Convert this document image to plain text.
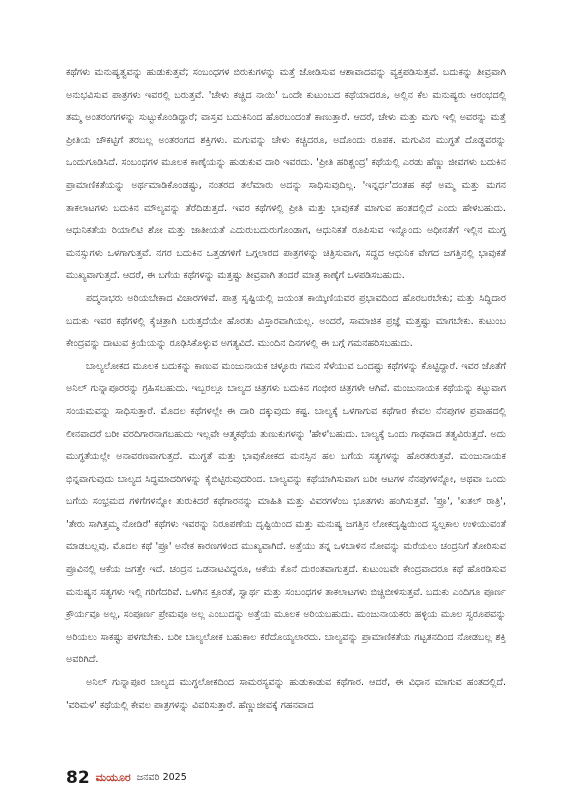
ಕಥೆಗಳು ಮನುಷ್ಯತ್ವವನ್ನು ಹುಡುಕುತ್ತವೆ; ಸಂಬಂಧಗಳ ಬಿರುಕುಗಳನ್ನು ಮತ್ತೆ ಜೋಡಿಸುವ ಆಶಾವಾದವನ್ನು ವ್ಯಕ್ತಪಡಿಸುತ್ತವೆ. ಬದುಕನ್ನು ತೀವ್ರವಾಗಿ ಅನುಭವಿಸುವ ಪಾತ್ರಗಳು ಇವರಲ್ಲಿ ಬರುತ್ತವೆ. 'ಚೇಳು ಕಚ್ಚಿದ ನಾಯಿ' ಒಂದೇ ಕುಟುಂಬದ ಕಥೆಯಾದರೂ, ಅಲ್ಲಿನ ಕೆಲ ಮನುಷ್ಯರು ಆರಂಭದಲ್ಲಿ ತಮ್ಮ ಅಂತರಂಗಗಳನ್ನು ಸುಟ್ಟುಕೊಂಡಿದ್ದಾರೆ; ವಾಸ್ತವ ಬದುಕಿನಿಂದ ಹೊರಬಂದಂತೆ ಕಾಣುತ್ತಾರೆ. ಆದರೆ, ಚೇಳು ಮತ್ತು ಮಗು ಇಲ್ಲಿ ಅವರನ್ನು ಮತ್ತೆ ಪ್ರೀತಿಯ ಚೌಕಟ್ಟಿಗೆ ತರಬಲ್ಲ ಅಂತರಂಗದ ಶಕ್ತಿಗಳು. ಮಗುವನ್ನು ಚೇಳು ಕಚ್ಚಿದರೂ, ಅದೊಂದು ರೂಪಕ. ಮಗುವಿನ ಮುಗ್ಧತೆ ದೊಡ್ಡವರನ್ನು ಒಂದುಗೂಡಿಸಿದೆ. ಸಂಬಂಧಗಳ ಮೂಲಕ ಕಾಣ್ಕೆಯನ್ನು ಹುಡುಕುವ ದಾರಿ ಇವರದು. 'ಪ್ರೀತಿ ಹರಿಶ್ಚಂದ್ರ' ಕಥೆಯಲ್ಲಿ ಎರಡು ಹೆಣ್ಣು ಜೀವಗಳು ಬದುಕಿನ ಪ್ರಾಮಾಣಿಕತೆಯನ್ನು ಅರ್ಥಮಾಡಿಕೊಂಡಷ್ಟು, ನಂತರದ ತಲೆಮಾರು ಅದನ್ನು ಸಾಧಿಸುವುದಿಲ್ಲ. 'ಇನ್ನರ್ಧ'ದಂತಹ ಕಥೆ ಅಮ್ಮ ಮತ್ತು ಮಗನ ತಾಕಲಾಟಗಳು ಬದುಕಿನ ಮೌಲ್ಯವನ್ನು ತೆರೆದಿಡುತ್ತದೆ. ಇವರ ಕಥೆಗಳಲ್ಲಿ ಪ್ರೀತಿ ಮತ್ತು ಭಾವುಕತೆ ಮಾಗುವ ಹಂತದಲ್ಲಿದೆ ಎಂದು ಹೇಳಬಹುದು. ಆಧುನಿಕತೆಯ ರಿಯಾಲಿಟಿ ಶೋ ಮತ್ತು ಜಾತೀಯತೆ ಎದುರುಬದುರುಗೊಂಡಾಗ, ಆಧುನಿಕತೆ ರೂಪಿಸುವ ಇನ್ನೊಂದು ಅಧೀನತೆಗೆ ಇಲ್ಲಿನ ಮುಗ್ಧ ಮನಸ್ಸುಗಳು ಒಳಗಾಗುತ್ತವೆ. ನಗರ ಬದುಕಿನ ಒತ್ತಡಗಳಿಗೆ ಒಗ್ಗಲಾರದ ಪಾತ್ರಗಳನ್ನು ಚಿತ್ರಿಸುವಾಗ, ಸದ್ದದ ಆಧುನಿಕ ವೇಗದ ಜಗತ್ತಿನಲ್ಲಿ ಭಾವುಕತೆ ಮುಖ್ಯವಾಗುತ್ತದೆ. ಆದರೆ, ಈ ಬಗೆಯ ಕಥೆಗಳನ್ನು ಮತ್ತಷ್ಟು ತೀವ್ರವಾಗಿ ತಂದರೆ ಮಾತ್ರ ಕಾಣ್ಕೆಗೆ ಒಳಪಡಿಸಬಹುದು.

ಪದ್ಮನಾಭರು ಅರಿಯಬೇಕಾದ ವಿಚಾರಗಳಿವೆ. ಪಾತ್ರ ಸೃಷ್ಟಿಯಲ್ಲಿ ಜಯಂತ ಕಾಯ್ಕಿಣಿಯವರ ಪ್ರಭಾವದಿಂದ ಹೊರಬರಬೇಕು; ಮತ್ತು ಸಿದ್ಧಿದಾರ ಬದುಕು ಇವರ ಕಥೆಗಳಲ್ಲಿ ಕೈಚಿತ್ರಾಗಿ ಬರುತ್ತದೆಯೇ ಹೊರತು ವಿಸ್ತಾರವಾಗಿಯಲ್ಲ. ಅಂದರೆ, ಸಾಮಾಜಿಕ ಪ್ರಜ್ಞೆ ಮತ್ತಷ್ಟು ಮಾಗಬೇಕು. ಕುಟುಂಬ ಕೇಂದ್ರವನ್ನು ದಾಟುವ ಕ್ರಿಯೆಯನ್ನು ರೂಢಿಸಿಕೊಳ್ಳುವ ಅಗತ್ಯವಿದೆ. ಮುಂದಿನ ದಿನಗಳಲ್ಲಿ ಈ ಬಗ್ಗೆ ಗಮನಹರಿಸಬಹುದು.

ಬಾಲ್ಯಲೋಕದ ಮೂಲಕ ಬದುಕನ್ನು ಕಾಣುವ ಮಂಜುನಾಯಕ ಚಳ್ಳೂರು ಗಮನ ಸೆಳೆಯುವ ಒಂದಷ್ಟು ಕಥೆಗಳನ್ನು ಕೊಟ್ಟಿದ್ದಾರೆ. ಇವರ ಜೊತೆಗೆ ಅನಿಲ್ ಗುನ್ನಾಪೂರರನ್ನು ಗ್ರಹಿಸಬಹುದು. ಇಬ್ಬರಲ್ಲೂ ಬಾಲ್ಯದ ಚಿತ್ರಗಳು ಬದುಕಿನ ಗಂಭೀರ ಚಿತ್ರಗಳೇ ಆಗಿವೆ. ಮಂಜುನಾಯಕ ಕಥೆಯನ್ನು ಕಟ್ಟುವಾಗ ಸಂಯಮವನ್ನು ಸಾಧಿಸುತ್ತಾರೆ. ಮೊದಲ ಕಥೆಗಳಲ್ಲೇ ಈ ದಾರಿ ದಕ್ಕುವುದು ಕಷ್ಟ. ಬಾಲ್ಯಕ್ಕೆ ಒಳಗಾಗುವ ಕಥೆಗಾರ ಕೇವಲ ನೆನಪುಗಳ ಪ್ರವಾಹದಲ್ಲಿ ಲೀನವಾದರೆ ಬರೀ ವರದಿಗಾರನಾಗಬಹುದು ಇಲ್ಲವೇ ಆತ್ಮಕಥೆಯ ತುಣುಕುಗಳನ್ನು 'ಹೇಳ'ಬಹುದು. ಬಾಲ್ಯಕ್ಕೆ ಒಂದು ಗಾಢವಾದ ತತ್ವವಿರುತ್ತದೆ. ಅದು ಮುಗ್ಧತೆಯಲ್ಲೇ ಅನಾವರಣವಾಗುತ್ತದೆ. ಮುಗ್ಧತೆ ಮತ್ತು ಭಾವುಕೋಕದ ಮನಸ್ಸಿನ ಹಲ ಬಗೆಯ ಸತ್ಯಗಳನ್ನು ಹೊರತರುತ್ತವೆ. ಮಂಜುನಾಯಕ ಭಿನ್ನವಾಗುವುದು ಬಾಲ್ಯದ ಸಿದ್ಧಮಾದರಿಗಳನ್ನು ಕೈಬಿಟ್ಟಿರುವುದರಿಂದ. ಬಾಲ್ಯವನ್ನು ಕಥೆಯಾಗಿಸುವಾಗ ಬರೀ ಆಟಗಳ ನೆನಪುಗಳನ್ನೋ, ಅಥವಾ ಒಂದು ಬಗೆಯ ಸಂಭ್ರಮದ ಗಳಿಗೆಗಳನ್ನೋ ತುರುಕಿದರೆ ಕಥೆಗಾರನನ್ನು ಮಾಹಿತಿ ಮತ್ತು ವಿವರಗಳೆಂಬ ಭೂತಗಳು ಹಂಗಿಸುತ್ತವೆ. 'ಪ್ರೂ', 'ಖತಲ್ ರಾತ್ರಿ', 'ತೇರು ಸಾಗಿತ್ತಮ್ಮ ನೋಡಿರೆ' ಕಥೆಗಳು ಇವರನ್ನು ನಿರೂಪಣೆಯ ದೃಷ್ಟಿಯಿಂದ ಮತ್ತು ಮನುಷ್ಯ ಜಗತ್ತಿನ ಲೋಕದೃಷ್ಟಿಯಿಂದ ಸ್ವಲ್ಪಕಾಲ ಉಳಿಯುವಂತೆ ಮಾಡಬಲ್ಲವು. ಮೊದಲ ಕಥೆ 'ಪ್ರೂ' ಅನೇಕ ಕಾರಣಗಳಿಂದ ಮುಖ್ಯವಾಗಿದೆ. ಅತ್ತೆಯು ತನ್ನ ಒಳಬಾಳಿನ ನೋವನ್ನು ಮರೆಯಲು ಚಂದ್ರನಿಗೆ ತೋರಿಸುವ ಪ್ರೂವಿನಲ್ಲಿ ಆಕೆಯ ಜಗತ್ತೇ ಇದೆ. ಚಂದ್ರನ ಒಡನಾಟವಿದ್ದರೂ, ಆಕೆಯ ಕೊನೆ ದುರಂತವಾಗುತ್ತದೆ. ಕುಟುಂಬವೇ ಕೇಂದ್ರವಾದರೂ ಕಥೆ ಹೊರಡಿಸುವ ಮನುಷ್ಯನ ಸತ್ಯಗಳು ಇಲ್ಲಿ ಗರಿಗೆದರಿವೆ. ಒಳಗಿನ ಕ್ರೂರತೆ, ಸ್ವಾರ್ಥ ಮತ್ತು ಸಂಬಂಧಗಳ ತಾಕಲಾಟಗಳು ಬಿಚ್ಚಿಬೀಳಿಸುತ್ತವೆ. ಬದುಕು ಎಂದಿಗೂ ಪೂರ್ಣ ಕ್ರೌರ್ಯವೂ ಅಲ್ಲ, ಸಂಪೂರ್ಣ ಪ್ರೇಮವೂ ಅಲ್ಲ ಎಂಬುದನ್ನು ಅತ್ತೆಯ ಮೂಲಕ ಅರಿಯಬಹುದು. ಮಂಜುನಾಯಕರು ಹಳ್ಳಿಯ ಮೂಲ ಸ್ವರೂಪವನ್ನು ಅರಿಯಲು ಸಾಕಷ್ಟು ಪಳಗಬೇಕು. ಬರೀ ಬಾಲ್ಯಲೋಕ ಬಹುಕಾಲ ಕರೆದೊಯ್ಯಲಾರದು. ಬಾಲ್ಯವನ್ನು ಪ್ರಾಮಾಣಿಕತೆಯ ಗಟ್ಟತನದಿಂದ ನೋಡಬಲ್ಲ ಶಕ್ತಿ ಅವರಿಗಿದೆ.

ಅನಿಲ್ ಗುನ್ನಾಪೂರ ಬಾಲ್ಯದ ಮುಗ್ಧಲೋಕದಿಂದ ಸಾಮರಸ್ಯವನ್ನು ಹುಡುಕಾಡುವ ಕಥೆಗಾರ. ಆದರೆ, ಈ ವಿಧಾನ ಮಾಗುವ ಹಂತದಲ್ಲಿದೆ. 'ವರಿಮಳ' ಕಥೆಯಲ್ಲಿ ಕೇವಲ ಪಾತ್ರಗಳನ್ನು ವಿವರಿಸುತ್ತಾರೆ. ಹೆಣ್ಣುಜೀವಕ್ಕೆ ಗಹನವಾದ

82 ಮಯೂರ ಜನವರಿ 2025
